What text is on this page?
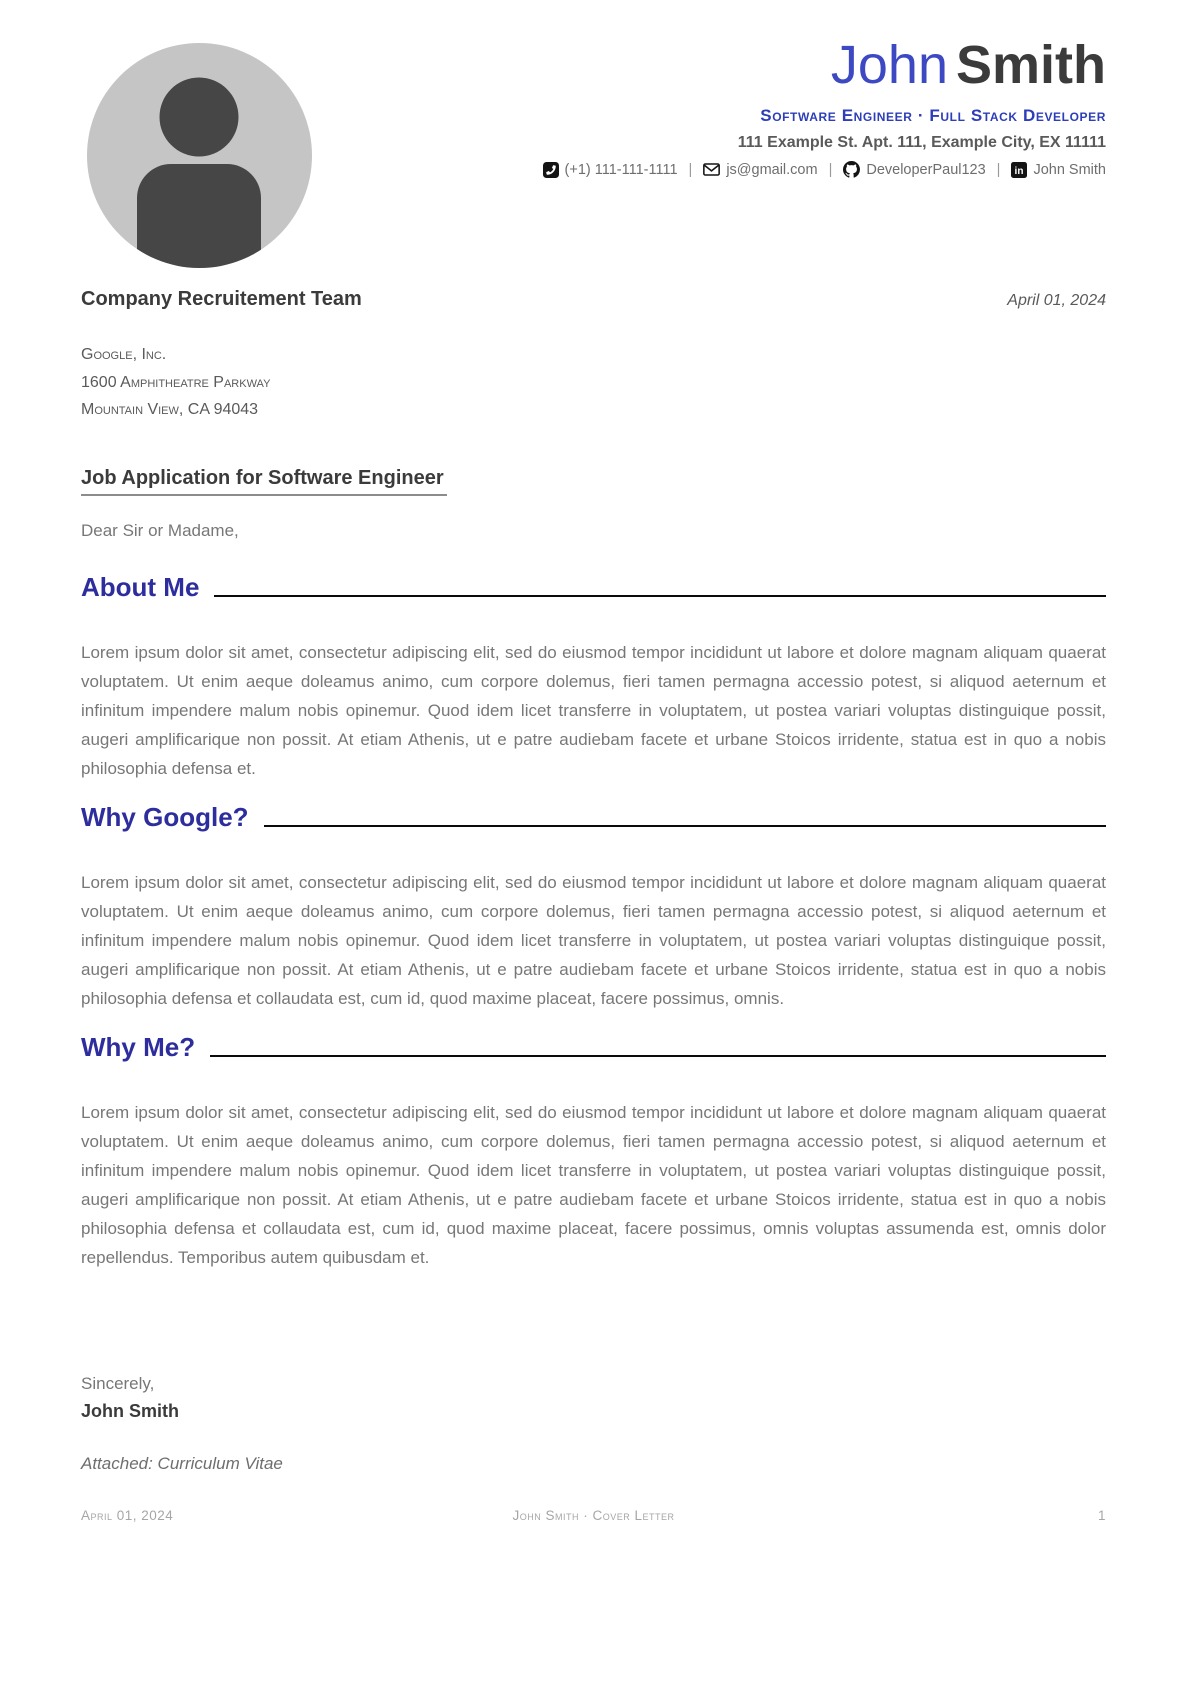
John Smith
Software Engineer · Full Stack Developer
111 Example St. Apt. 111, Example City, EX 11111
(+1) 111-111-1111 | js@gmail.com | DeveloperPaul123 |	in John Smith
Company Recruitement Team	April 01, 2024
Google, Inc.
1600 Amphitheatre Parkway
Mountain View, CA 94043
Job Application for Software Engineer
Dear Sir or Madame,
About Me

Lorem ipsum dolor sit amet, consectetur adipiscing elit, sed do eiusmod tempor incididunt ut labore et dolore magnam aliquam quaerat voluptatem. Ut enim aeque doleamus animo, cum corpore dolemus, fieri tamen permagna accessio potest, si aliquod aeternum et infinitum impendere malum nobis opinemur. Quod idem licet transferre in voluptatem, ut postea variari voluptas distinguique possit, augeri amplificarique non possit. At etiam Athenis, ut e patre audiebam facete et urbane Stoicos irridente, statua est in quo a nobis philosophia defensa et.

Why Google?

Lorem ipsum dolor sit amet, consectetur adipiscing elit, sed do eiusmod tempor incididunt ut labore et dolore magnam aliquam quaerat voluptatem. Ut enim aeque doleamus animo, cum corpore dolemus, fieri tamen permagna accessio potest, si aliquod aeternum et infinitum impendere malum nobis opinemur. Quod idem licet transferre in voluptatem, ut postea variari voluptas distinguique possit, augeri amplificarique non possit. At etiam Athenis, ut e patre audiebam facete et urbane Stoicos irridente, statua est in quo a nobis philosophia defensa et collaudata est, cum id, quod maxime placeat, facere possimus, omnis.

Why Me?

Lorem ipsum dolor sit amet, consectetur adipiscing elit, sed do eiusmod tempor incididunt ut labore et dolore magnam aliquam quaerat voluptatem. Ut enim aeque doleamus animo, cum corpore dolemus, fieri tamen permagna accessio potest, si aliquod aeternum et infinitum impendere malum nobis opinemur. Quod idem licet transferre in voluptatem, ut postea variari voluptas distinguique possit, augeri amplificarique non possit. At etiam Athenis, ut e patre audiebam facete et urbane Stoicos irridente, statua est in quo a nobis philosophia defensa et collaudata est, cum id, quod maxime placeat, facere possimus, omnis voluptas assumenda est, omnis dolor repellendus. Temporibus autem quibusdam et.

Sincerely,
John Smith
Attached: Curriculum Vitae
April 01, 2024	John Smith · Cover Letter	1
